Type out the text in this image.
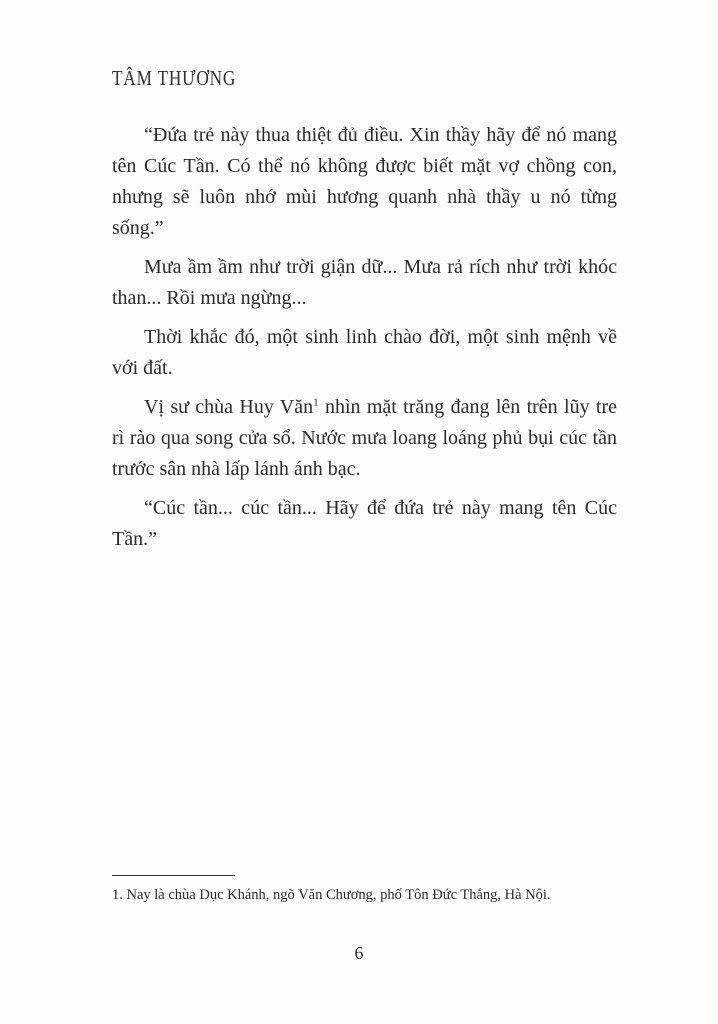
TÂM THƯƠNG

“Đứa trẻ này thua thiệt đủ điều. Xin thầy hãy để nó mang tên Cúc Tần. Có thể nó không được biết mặt vợ chồng con, nhưng sẽ luôn nhớ mùi hương quanh nhà thầy u nó từng sống.”

Mưa ầm ầm như trời giận dữ... Mưa rả rích như trời khóc than... Rồi mưa ngừng...

Thời khắc đó, một sinh linh chào đời, một sinh mệnh về với đất.

Vị sư chùa Huy Văn$^1$ nhìn mặt trăng đang lên trên lũy tre rì rào qua song cửa sổ. Nước mưa loang loáng phủ bụi cúc tần trước sân nhà lấp lánh ánh bạc.

“Cúc tần... cúc tần... Hãy để đứa trẻ này mang tên Cúc Tần.”

1. Nay là chùa Dục Khánh, ngõ Văn Chương, phố Tôn Đức Thắng, Hà Nội.
6
